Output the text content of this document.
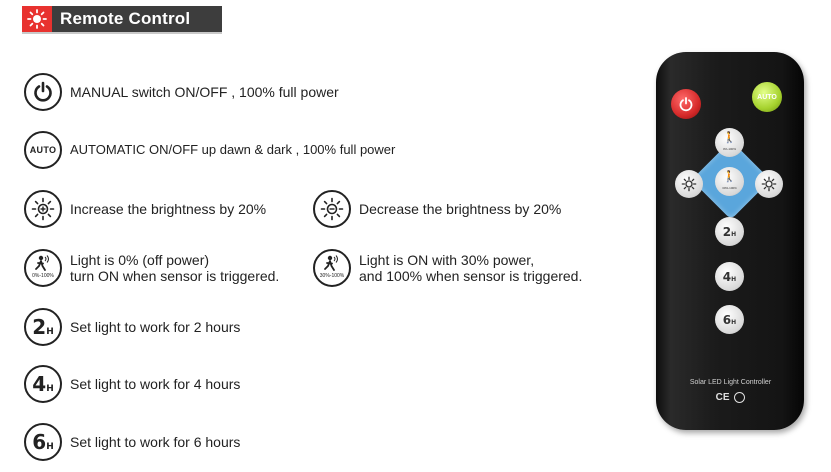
Remote Control
MANUAL switch ON/OFF , 100% full power
AUTO AUTOMATIC ON/OFF up dawn & dark , 100% full power
Increase the brightness by 20%	Decrease the brightness by 20%
0%-100%
Light is 0% (off power)
turn ON when sensor is triggered.	30%-100%
Light is ON with 30% power,
and 100% when sensor is triggered.
2H Set light to work for 2 hours
4H Set light to work for 4 hours
6H Set light to work for 6 hours
AUTO
🚶
0%-100%
🚶
30%-100%
2H
4H
6H
Solar LED Light Controller
CE
